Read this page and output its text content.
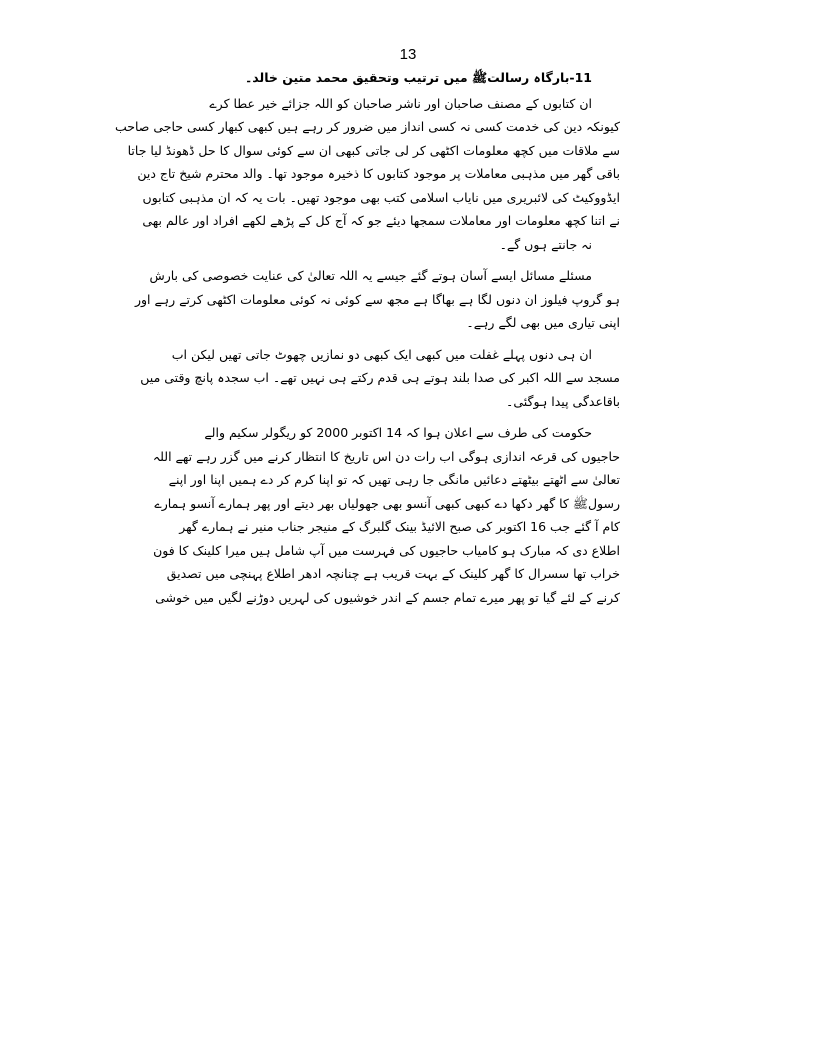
13
11-بارگاہ رسالتﷺ میں ترتیب وتحقیق محمد متین خالد۔
ان کتابوں کے مصنف صاحبان اور ناشر صاحبان کو اللہ جزائے خیر عطا کرے
کیونکہ دین کی خدمت کسی نہ کسی انداز میں ضرور کر رہے ہیں کبھی کبھار کسی حاجی صاحب
سے ملاقات میں کچھ معلومات اکٹھی کر لی جاتی کبھی ان سے کوئی سوال کا حل ڈھونڈ لیا جاتا
باقی گھر میں مذہبی معاملات پر موجود کتابوں کا ذخیرہ موجود تھا۔ والد محترم شیخ تاج دین
ایڈووکیٹ کی لائبریری میں نایاب اسلامی کتب بھی موجود تھیں۔ بات یہ کہ ان مذہبی کتابوں
نے اتنا کچھ معلومات اور معاملات سمجھا دیئے جو کہ آج کل کے پڑھے لکھے افراد اور عالم بھی
نہ جانتے ہوں گے۔
مسئلے مسائل ایسے آسان ہوتے گئے جیسے یہ اللہ تعالیٰ کی عنایت خصوصی کی بارش
ہو گروپ فیلوز ان دنوں لگا ہے بھاگا ہے مجھ سے کوئی نہ کوئی معلومات اکٹھی کرتے رہے اور
اپنی تیاری میں بھی لگے رہے۔
ان ہی دنوں پہلے غفلت میں کبھی ایک کبھی دو نمازیں چھوٹ جاتی تھیں لیکن اب
مسجد سے اللہ اکبر کی صدا بلند ہوتے ہی قدم رکتے ہی نہیں تھے۔ اب سجدہ پانچ وقتی میں
باقاعدگی پیدا ہوگئی۔
حکومت کی طرف سے اعلان ہوا کہ 14 اکتوبر 2000 کو ریگولر سکیم والے
حاجیوں کی قرعہ اندازی ہوگی اب رات دن اس تاریخ کا انتظار کرنے میں گزر رہے تھے اللہ
تعالیٰ سے اٹھتے بیٹھتے دعائیں مانگی جا رہی تھیں کہ تو اپنا کرم کر دے ہمیں اپنا اور اپنے
رسولﷺ کا گھر دکھا دے کبھی کبھی آنسو بھی جھولیاں بھر دیتے اور پھر ہمارے آنسو ہمارے
کام آ گئے جب 16 اکتوبر کی صبح الائیڈ بینک گلبرگ کے منیجر جناب منیر نے ہمارے گھر
اطلاع دی کہ مبارک ہو کامیاب حاجیوں کی فہرست میں آپ شامل ہیں میرا کلینک کا فون
خراب تھا سسرال کا گھر کلینک کے بہت قریب ہے چنانچہ ادھر اطلاع پہنچی میں تصدیق
کرنے کے لئے گیا تو پھر میرے تمام جسم کے اندر خوشیوں کی لہریں دوڑنے لگیں میں خوشی
